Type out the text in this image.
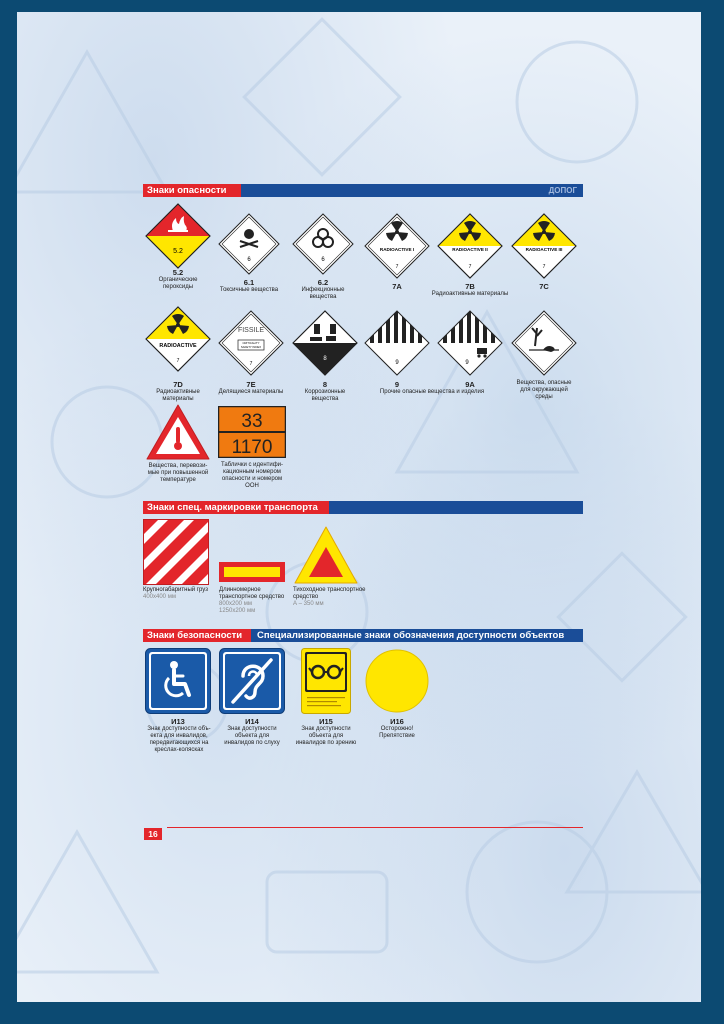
Знаки опасности	ДОПОГ
5.2
5.2
Органические
пероксиды
6
6.1
Токсичные вещества
6
6.2
Инфекционные
вещества
RADIOACTIVE I
7
7A
RADIOACTIVE II
7
7B
Радиоактивные материалы
RADIOACTIVE III
7
7C
RADIOACTIVE
7
7D
Радиоактивные
материалы
FISSILE
CRITICALITY
SAFETY INDEX
7
7E
Делящиеся материалы
8
8
Коррозионные
вещества
9
9
9
9A
Прочие опасные вещества и изделия
Вещества, опасные
для окружающей
среды
Вещества, перевози-
мые при повышенной
температуре
33
1170
Таблички с идентифи-
кационным номером
опасности и номером
ООН
Знаки спец. маркировки транспорта
Крупногабаритный груз
400х400 мм
Длинномерное транспортное средство
800х200 мм
1250х200 мм
Тихоходное транспортное средство
А – 350 мм
Знаки безопасности	Специализированные знаки обозначения доступности объектов
И13
Знак доступности объ-
екта для инвалидов,
передвигающихся на
креслах-колясках
И14
Знак доступности
объекта для
инвалидов по слуху
И15
Знак доступности
объекта для
инвалидов по зрению
И16
Осторожно!
Препятствие
16
